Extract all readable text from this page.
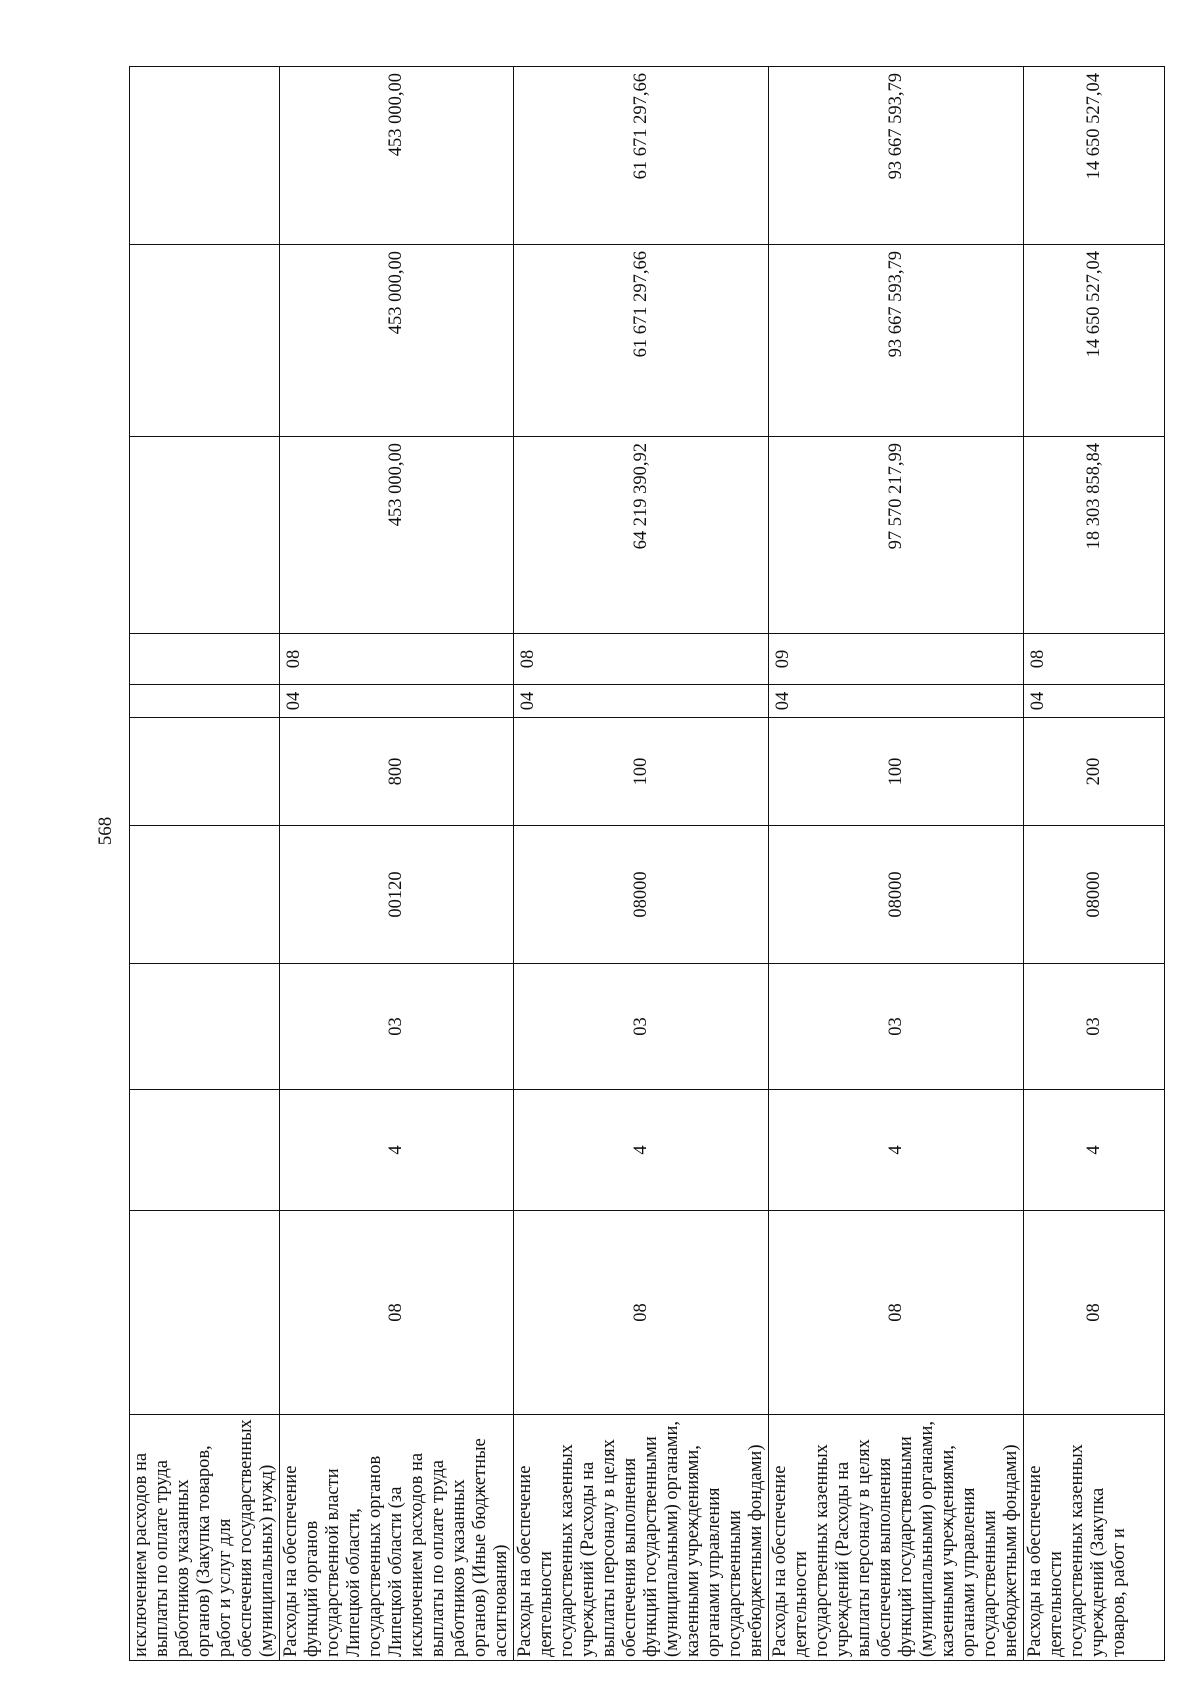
568
исключением расходов на выплаты по оплате труда работников указанных органов) (Закупка товаров, работ и услуг для обеспечения государственных (муниципальных) нужд)										
Расходы на обеспечение функций органов государственной власти Липецкой области, государственных органов Липецкой области (за исключением расходов на выплаты по оплате труда работников указанных органов) (Иные бюджетные ассигнования)	08	4	03	00120	800	04	08	453 000,00	453 000,00	453 000,00
Расходы на обеспечение деятельности государственных казенных учреждений (Расходы на выплаты персоналу в целях обеспечения выполнения функций государственными (муниципальными) органами, казенными учреждениями, органами управления государственными внебюджетными фондами)	08	4	03	08000	100	04	08	64 219 390,92	61 671 297,66	61 671 297,66
Расходы на обеспечение деятельности государственных казенных учреждений (Расходы на выплаты персоналу в целях обеспечения выполнения функций государственными (муниципальными) органами, казенными учреждениями, органами управления государственными внебюджетными фондами)	08	4	03	08000	100	04	09	97 570 217,99	93 667 593,79	93 667 593,79
Расходы на обеспечение деятельности государственных казенных учреждений (Закупка товаров, работ и	08	4	03	08000	200	04	08	18 303 858,84	14 650 527,04	14 650 527,04
